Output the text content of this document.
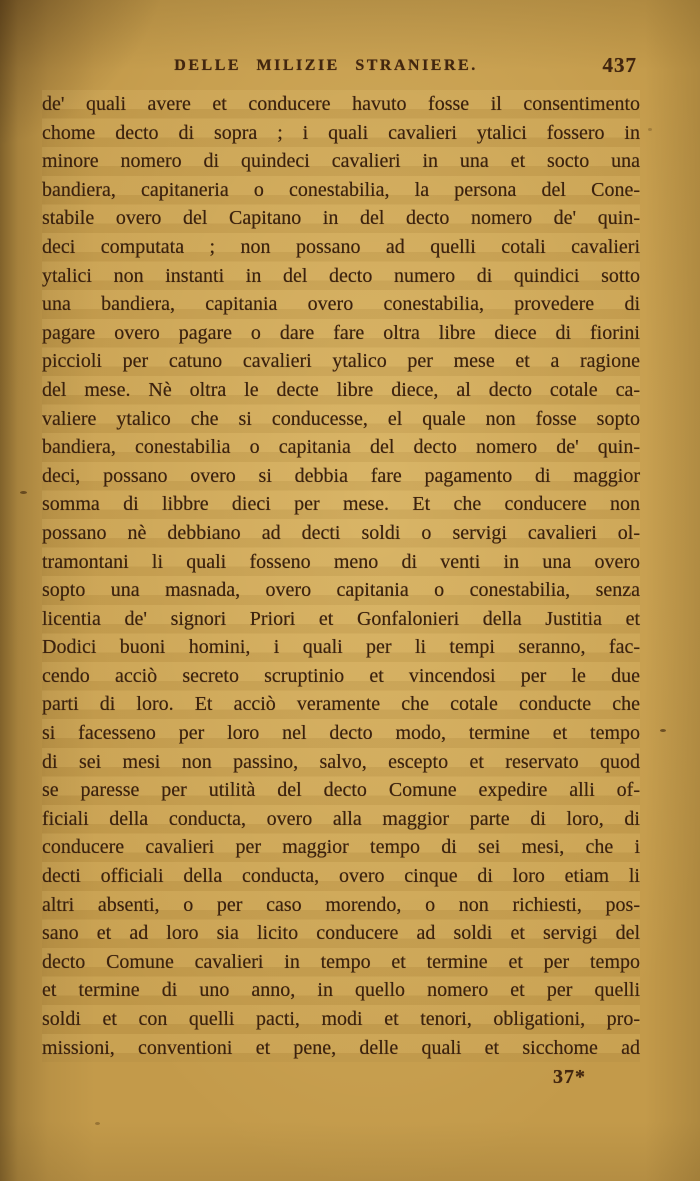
DELLE MILIZIE STRANIERE.	437
de' quali avere et conducere havuto fosse il consentimento
chome decto di sopra ; i quali cavalieri ytalici fossero in
minore nomero di quindeci cavalieri in una et socto una
bandiera, capitaneria o conestabilia, la persona del Cone-
stabile overo del Capitano in del decto nomero de' quin-
deci computata ; non possano ad quelli cotali cavalieri
ytalici non instanti in del decto numero di quindici sotto
una bandiera, capitania overo conestabilia, provedere di
pagare overo pagare o dare fare oltra libre diece di fiorini
piccioli per catuno cavalieri ytalico per mese et a ragione
del mese. Nè oltra le decte libre diece, al decto cotale ca-
valiere ytalico che si conducesse, el quale non fosse sopto
bandiera, conestabilia o capitania del decto nomero de' quin-
deci, possano overo si debbia fare pagamento di maggior
somma di libbre dieci per mese. Et che conducere non
possano nè debbiano ad decti soldi o servigi cavalieri ol-
tramontani li quali fosseno meno di venti in una overo
sopto una masnada, overo capitania o conestabilia, senza
licentia de' signori Priori et Gonfalonieri della Justitia et
Dodici buoni homini, i quali per li tempi seranno, fac-
cendo acciò secreto scruptinio et vincendosi per le due
parti di loro. Et acciò veramente che cotale conducte che
si facesseno per loro nel decto modo, termine et tempo
di sei mesi non passino, salvo, escepto et reservato quod
se paresse per utilità del decto Comune expedire alli of-
ficiali della conducta, overo alla maggior parte di loro, di
conducere cavalieri per maggior tempo di sei mesi, che i
decti officiali della conducta, overo cinque di loro etiam li
altri absenti, o per caso morendo, o non richiesti, pos-
sano et ad loro sia licito conducere ad soldi et servigi del
decto Comune cavalieri in tempo et termine et per tempo
et termine di uno anno, in quello nomero et per quelli
soldi et con quelli pacti, modi et tenori, obligationi, pro-
missioni, conventioni et pene, delle quali et sicchome ad
37*
